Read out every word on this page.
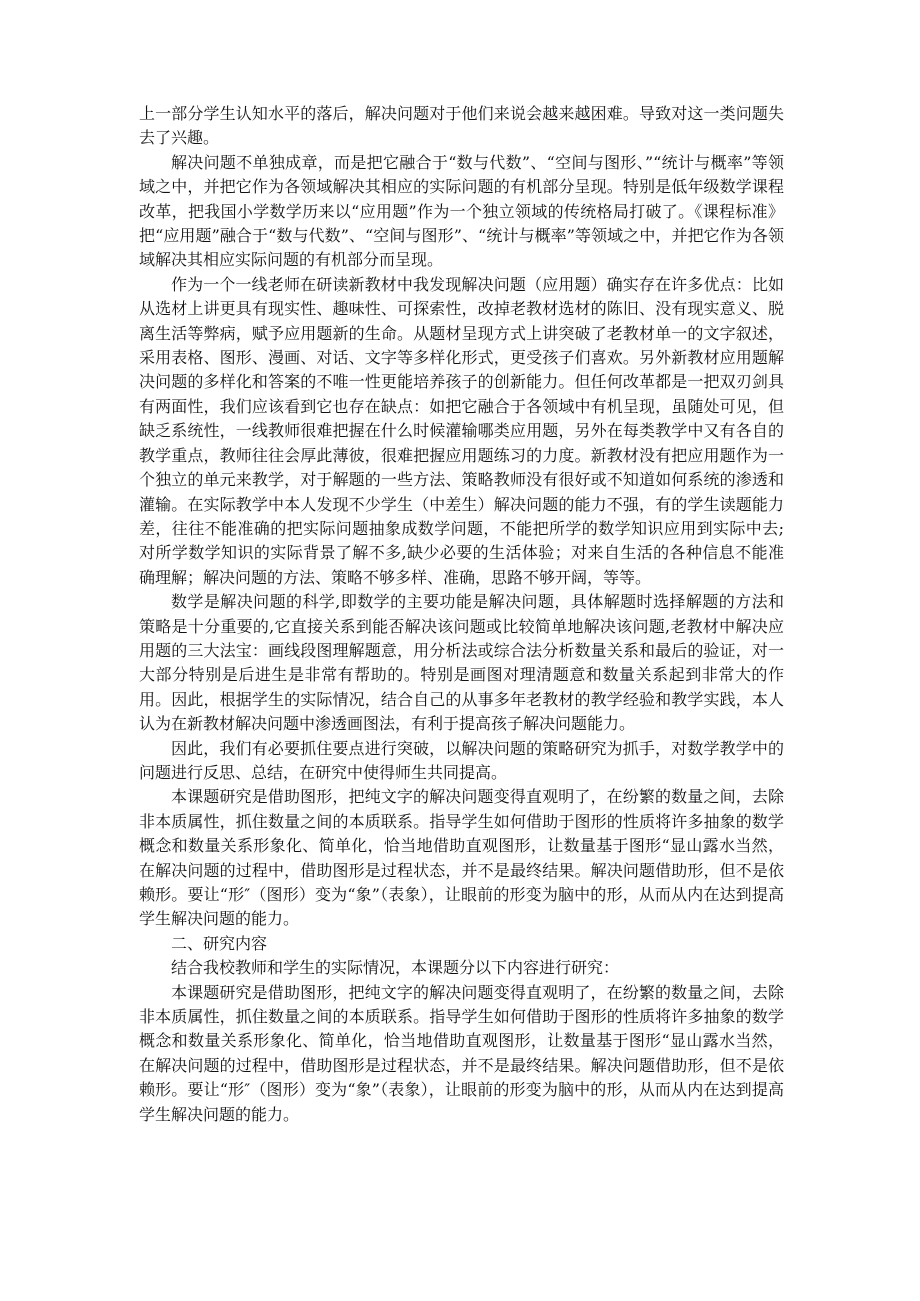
上一部分学生认知水平的落后，解决问题对于他们来说会越来越困难。导致对这一类问题失去了兴趣。

解决问题不单独成章，而是把它融合于“数与代数”、“空间与图形、”“统计与概率”等领域之中，并把它作为各领域解决其相应的实际问题的有机部分呈现。特别是低年级数学课程改革，把我国小学数学历来以“应用题”作为一个独立领域的传统格局打破了。《课程标准》把“应用题”融合于“数与代数”、“空间与图形”、“统计与概率”等领域之中，并把它作为各领域解决其相应实际问题的有机部分而呈现。

作为一个一线老师在研读新教材中我发现解决问题（应用题）确实存在许多优点：比如从选材上讲更具有现实性、趣味性、可探索性，改掉老教材选材的陈旧、没有现实意义、脱离生活等弊病，赋予应用题新的生命。从题材呈现方式上讲突破了老教材单一的文字叙述，采用表格、图形、漫画、对话、文字等多样化形式，更受孩子们喜欢。另外新教材应用题解决问题的多样化和答案的不唯一性更能培养孩子的创新能力。但任何改革都是一把双刃剑具有两面性，我们应该看到它也存在缺点：如把它融合于各领域中有机呈现，虽随处可见，但缺乏系统性，一线教师很难把握在什么时候灌输哪类应用题，另外在每类教学中又有各自的教学重点，教师往往会厚此薄彼，很难把握应用题练习的力度。新教材没有把应用题作为一个独立的单元来教学，对于解题的一些方法、策略教师没有很好或不知道如何系统的渗透和灌输。在实际教学中本人发现不少学生（中差生）解决问题的能力不强，有的学生读题能力差，往往不能准确的把实际问题抽象成数学问题，不能把所学的数学知识应用到实际中去;对所学数学知识的实际背景了解不多,缺少必要的生活体验；对来自生活的各种信息不能准确理解；解决问题的方法、策略不够多样、准确，思路不够开阔，等等。

数学是解决问题的科学,即数学的主要功能是解决问题，具体解题时选择解题的方法和策略是十分重要的,它直接关系到能否解决该问题或比较简单地解决该问题,老教材中解决应用题的三大法宝：画线段图理解题意，用分析法或综合法分析数量关系和最后的验证，对一大部分特别是后进生是非常有帮助的。特别是画图对理清题意和数量关系起到非常大的作用。因此，根据学生的实际情况，结合自己的从事多年老教材的教学经验和教学实践，本人认为在新教材解决问题中渗透画图法，有利于提高孩子解决问题能力。

因此，我们有必要抓住要点进行突破，以解决问题的策略研究为抓手，对数学教学中的问题进行反思、总结，在研究中使得师生共同提高。

本课题研究是借助图形，把纯文字的解决问题变得直观明了，在纷繁的数量之间，去除非本质属性，抓住数量之间的本质联系。指导学生如何借助于图形的性质将许多抽象的数学概念和数量关系形象化、简单化，恰当地借助直观图形，让数量基于图形“显山露水当然，在解决问题的过程中，借助图形是过程状态，并不是最终结果。解决问题借助形，但不是依赖形。要让“形″（图形）变为“象”（表象），让眼前的形变为脑中的形，从而从内在达到提高学生解决问题的能力。

二、研究内容

结合我校教师和学生的实际情况，本课题分以下内容进行研究：

本课题研究是借助图形，把纯文字的解决问题变得直观明了，在纷繁的数量之间，去除非本质属性，抓住数量之间的本质联系。指导学生如何借助于图形的性质将许多抽象的数学概念和数量关系形象化、简单化，恰当地借助直观图形，让数量基于图形“显山露水当然，在解决问题的过程中，借助图形是过程状态，并不是最终结果。解决问题借助形，但不是依赖形。要让“形″（图形）变为“象”（表象），让眼前的形变为脑中的形，从而从内在达到提高学生解决问题的能力。
